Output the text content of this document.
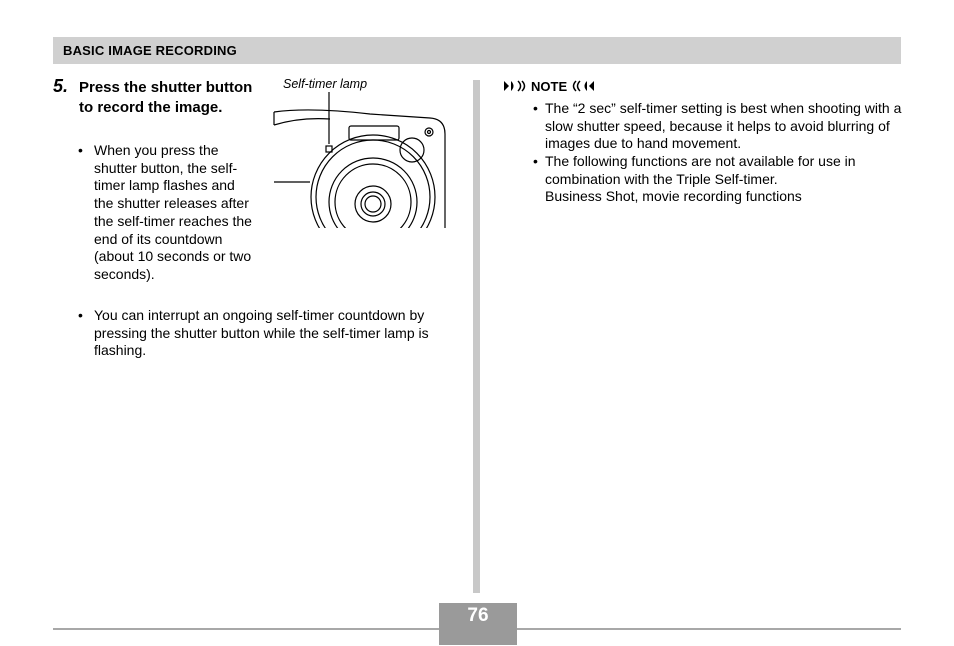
BASIC IMAGE RECORDING
5. Press the shutter button to record the image.
• When you press the shutter button, the self-timer lamp flashes and the shutter releases after the self-timer reaches the end of its countdown (about 10 seconds or two seconds).
• You can interrupt an ongoing self-timer countdown by pressing the shutter button while the self-timer lamp is flashing.
Self-timer lamp	NOTE
• The “2 sec” self-timer setting is best when shooting with a slow shutter speed, because it helps to avoid blurring of images due to hand movement.
• The following functions are not available for use in combination with the Triple Self-timer.
Business Shot, movie recording functions
76
